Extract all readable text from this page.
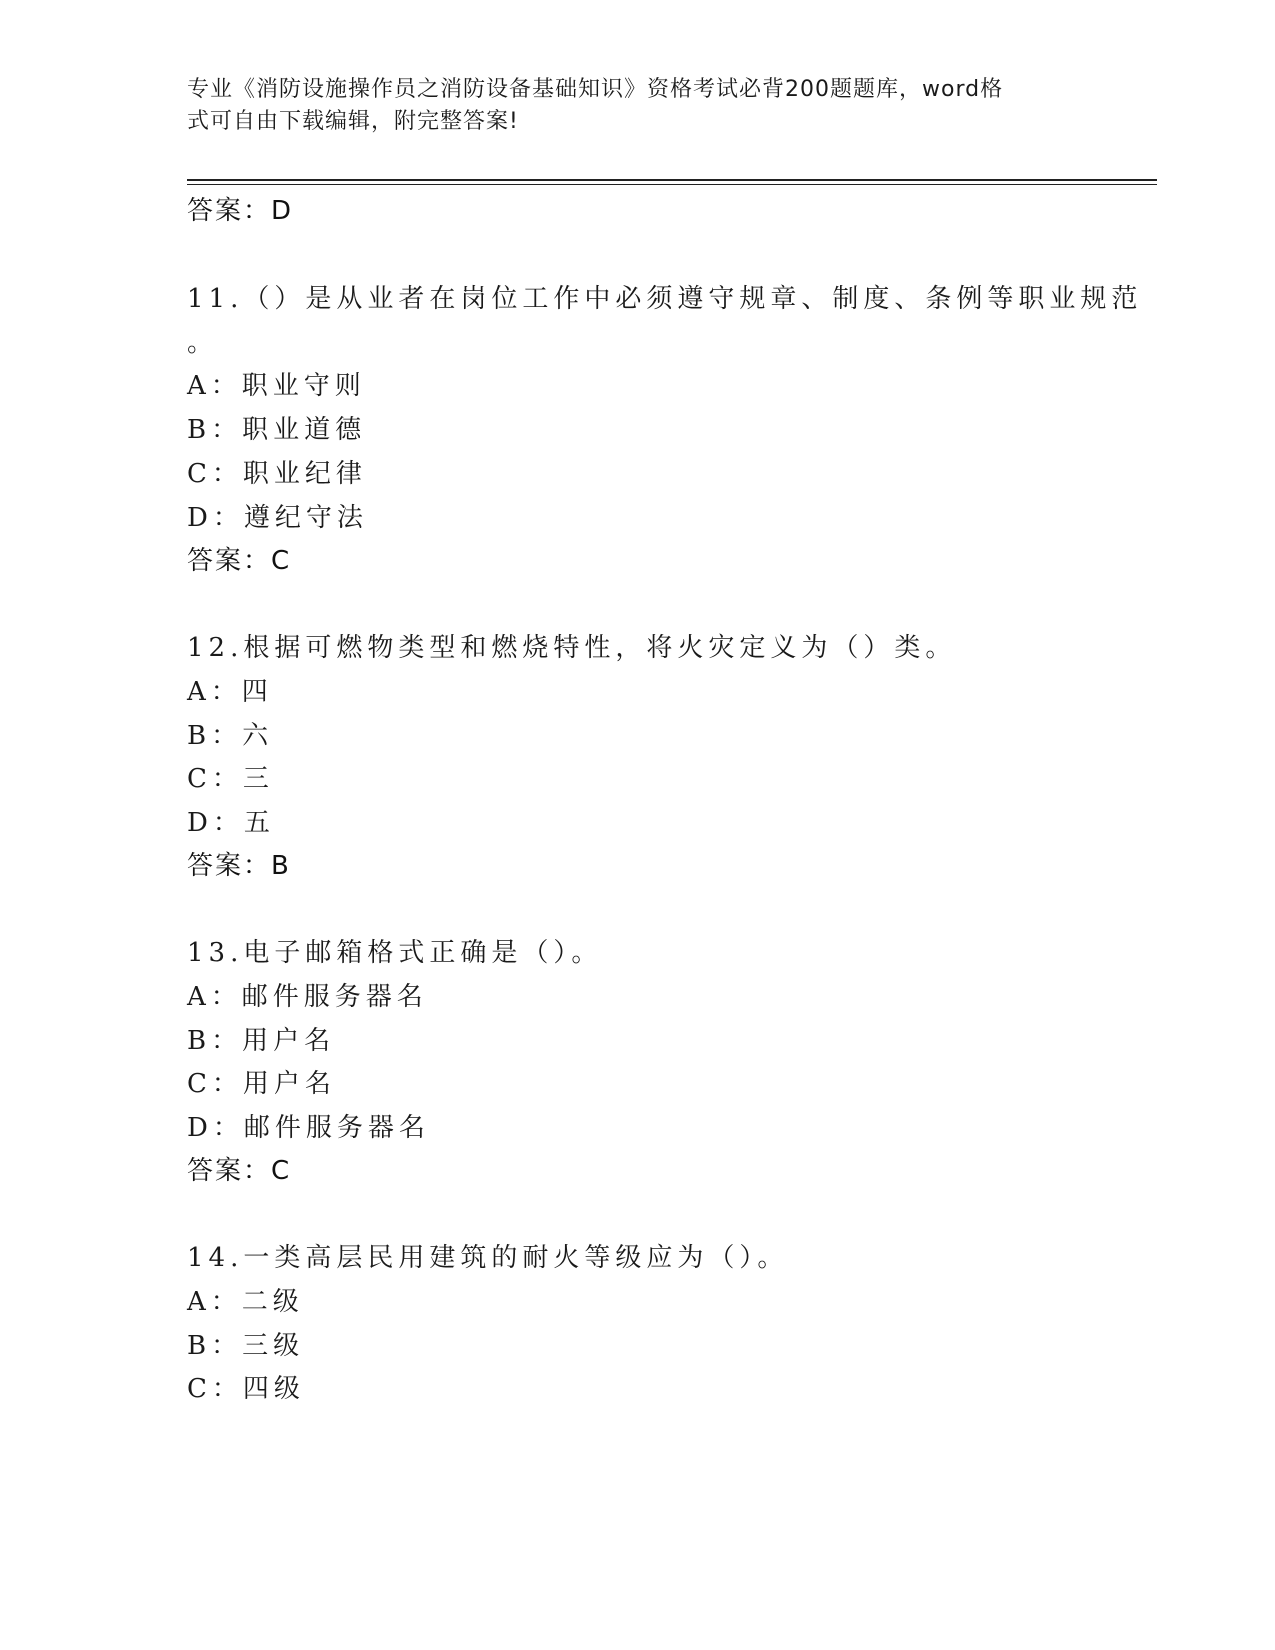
专业《消防设施操作员之消防设备基础知识》资格考试必背200题题库，word格
式可自由下载编辑，附完整答案!
答案：D
11.（）是从业者在岗位工作中必须遵守规章、制度、条例等职业规范
。
A：职业守则
B：职业道德
C：职业纪律
D：遵纪守法
答案：C
12.根据可燃物类型和燃烧特性，将火灾定义为（）类。
A：四
B：六
C：三
D：五
答案：B
13.电子邮箱格式正确是（）。
A：邮件服务器名
B：用户名
C：用户名
D：邮件服务器名
答案：C
14.一类高层民用建筑的耐火等级应为（）。
A：二级
B：三级
C：四级
